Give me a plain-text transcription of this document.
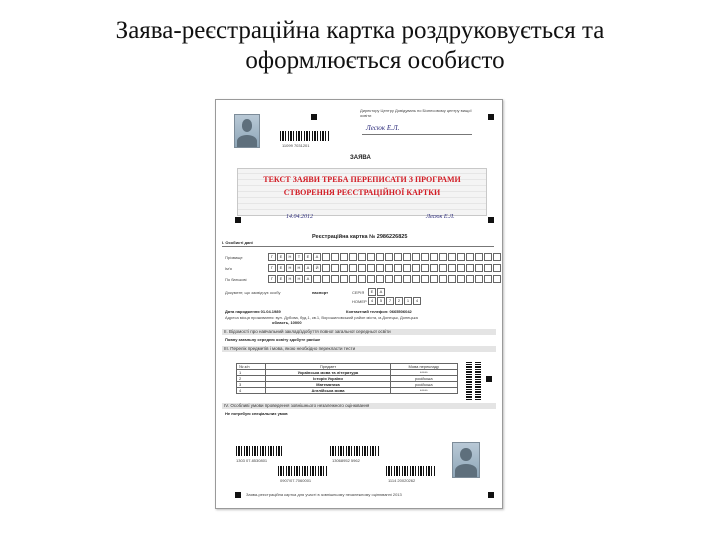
Заява-реєстраційна картка роздруковується та
оформлюється особисто
Директору Центру Довідувань по Бізнесовому центру вищої освіти
Лесюк Е.Л.
11099 7031201
ЗАЯВА
ТЕКСТ ЗАЯВИ ТРЕБА ПЕРЕПИСАТИ З ПРОГРАМИ
СТВОРЕННЯ РЕЄСТРАЦІЙНОЇ КАРТКИ
14.04.2012	Лесюк Е.Л.
Реєстраційна картка № 2986226825
І. Особисті дані
Прізвище	Г	Е	Н	Т	Е	А
Ім'я	Г	Е	Н	Н	А	Й
По батькові	Г	Е	Н	Н	А
Документ, що засвідчує особу	паспорт	СЕРІЯ	Е	А
НОМЕР	4	5	7	2	1	4
Дата народження 01.04.1989	Контактний телефон: 0665506042
Адреса місця проживання: вул. Дубова, буд.1, кв.1, Ворошиловський район міста, м.Донецьк, Донецька
область, 10000
ІІ. Відомості про навчальний заклад/здобуття повної загальної середньої освіти
Повну загальну середню освіту здобуте раніше
ІІІ. Перелік предметів і мова, якою необхідно перекласти тести
№ з/п	Предмет	Мова перекладу
1	Українська мова та література	*****
2	Історія України	російська
3	Математика	російська
4	Англійська мова	*****
IV. Особливі умови проведення зовнішнього незалежного оцінювання
Не потребую спеціальних умов
1303 07.8530801	13068952 5962
0907/07.7060001	1114 20020262
Заява-реєстраційна картка для участі в зовнішньому незалежному оцінюванні 2013
